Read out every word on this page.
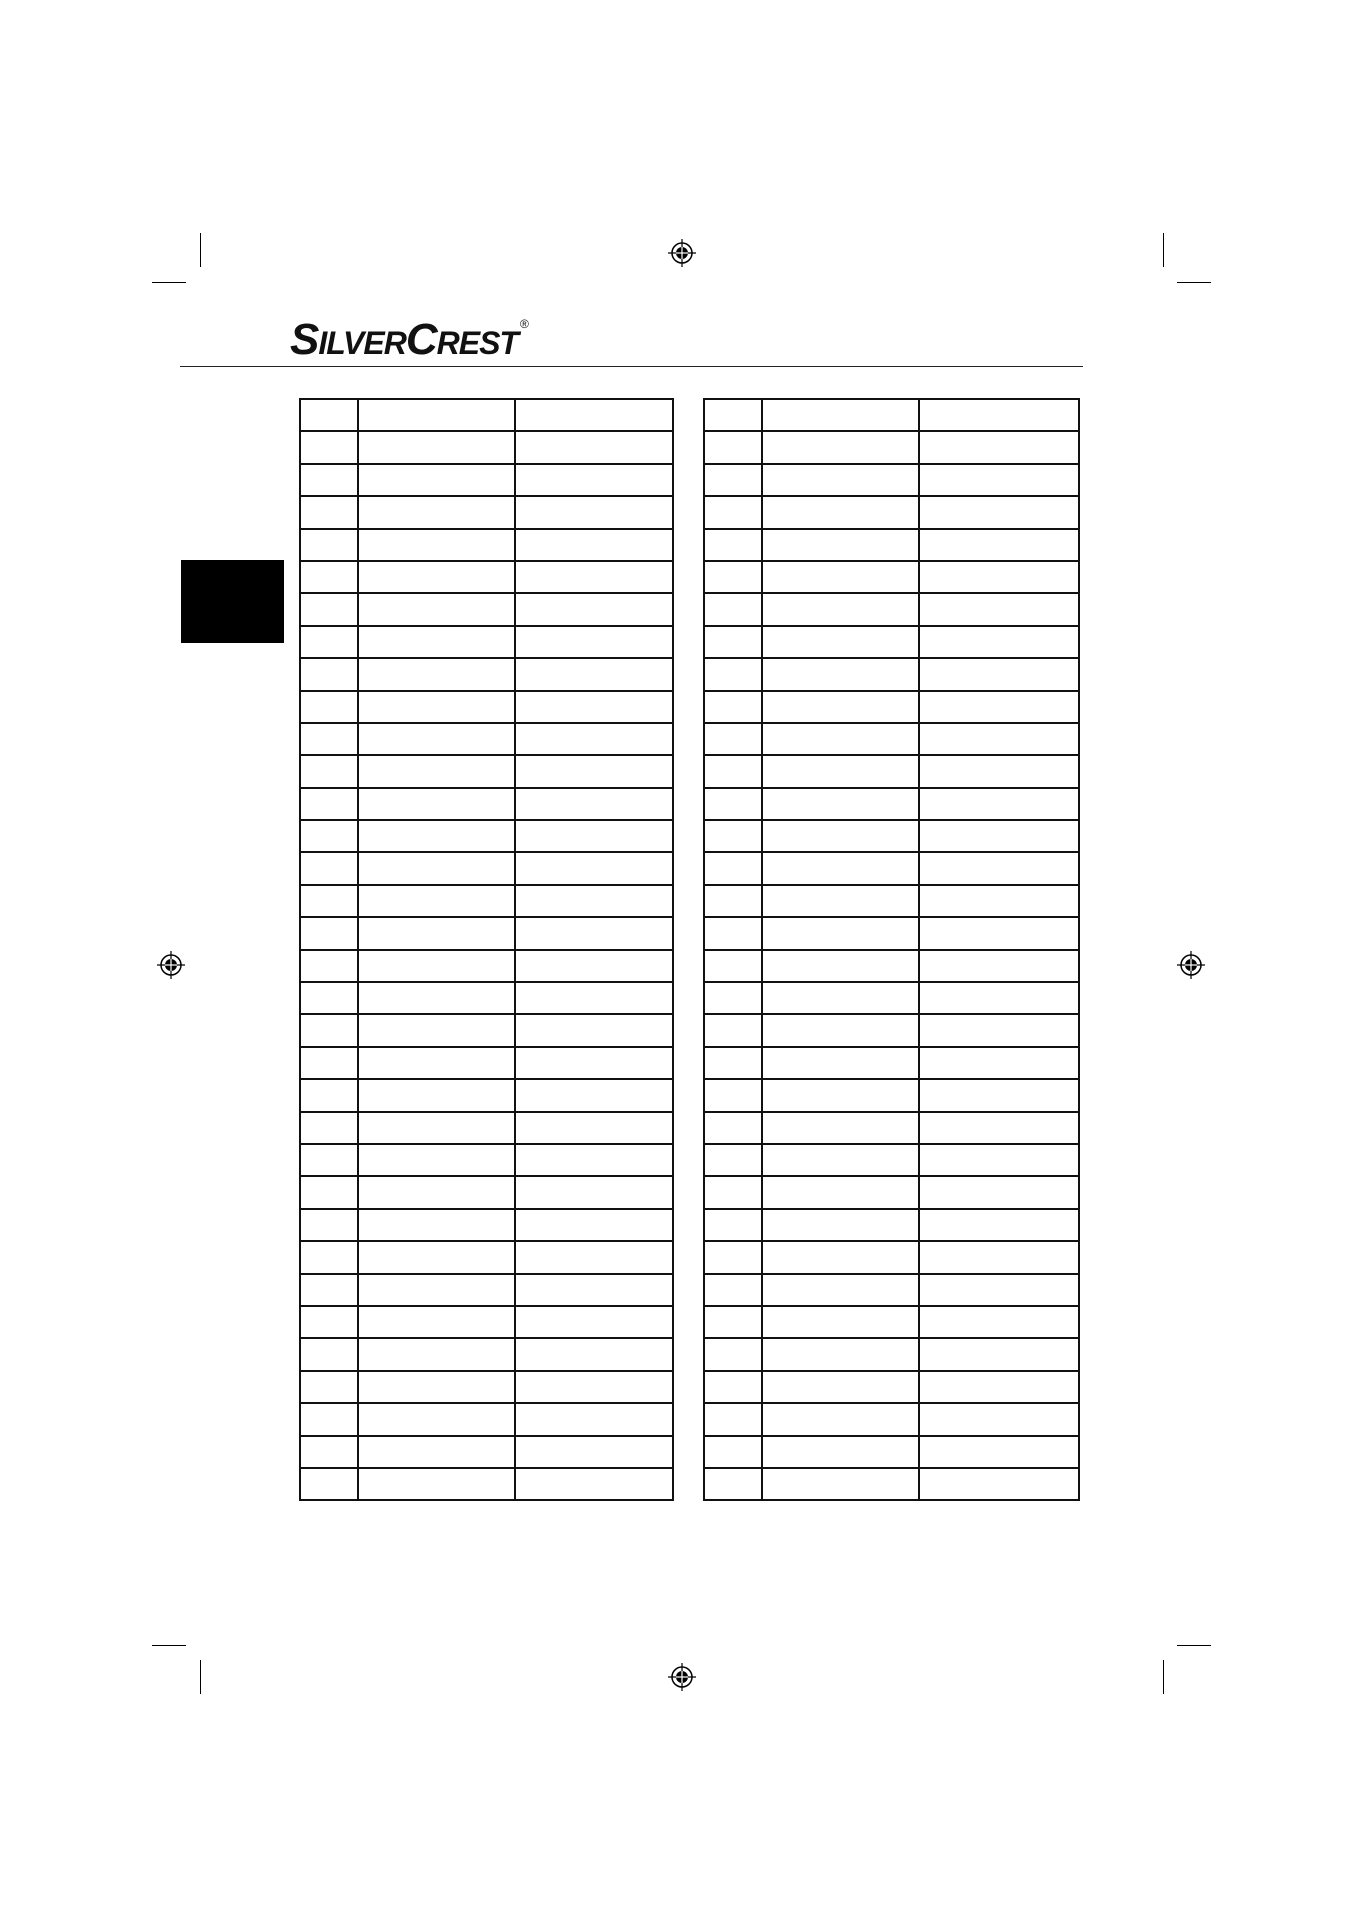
SILVERCREST®
